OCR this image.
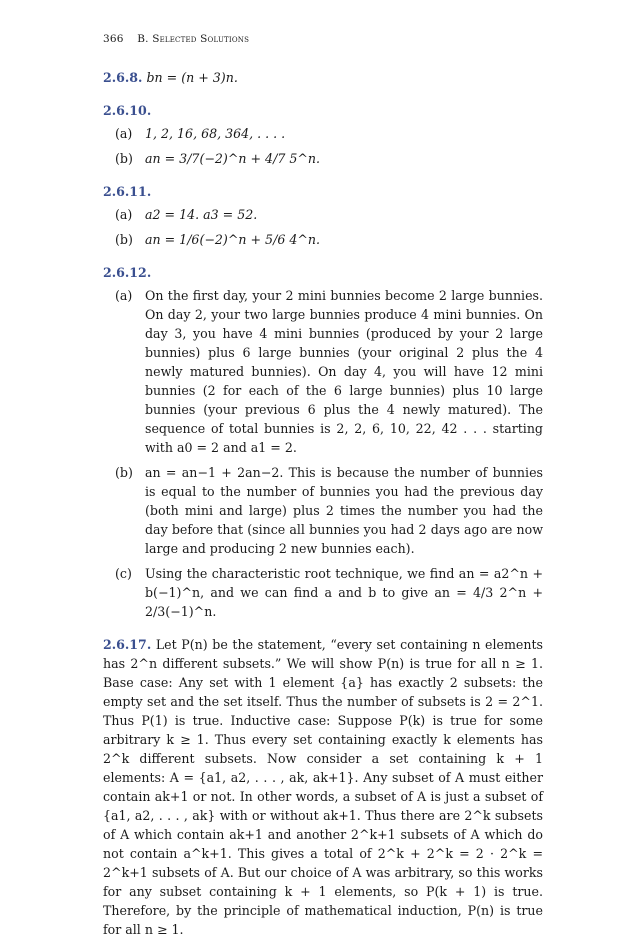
366 B. Selected Solutions
2.6.8. bn = (n + 3)n.
2.6.10.
(a) 1, 2, 16, 68, 364, . . . .

(b) an = 3/7(−2)^n + 4/7 5^n.

2.6.11.
(a) a2 = 14. a3 = 52.

(b) an = 1/6(−2)^n + 5/6 4^n.

2.6.12.
(a) On the first day, your 2 mini bunnies become 2 large bunnies. On day 2, your two large bunnies produce 4 mini bunnies. On day 3, you have 4 mini bunnies (produced by your 2 large bunnies) plus 6 large bunnies (your original 2 plus the 4 newly matured bunnies). On day 4, you will have 12 mini bunnies (2 for each of the 6 large bunnies) plus 10 large bunnies (your previous 6 plus the 4 newly matured). The sequence of total bunnies is 2, 2, 6, 10, 22, 42 . . . starting with a0 = 2 and a1 = 2.

(b) an = an−1 + 2an−2. This is because the number of bunnies is equal to the number of bunnies you had the previous day (both mini and large) plus 2 times the number you had the day before that (since all bunnies you had 2 days ago are now large and producing 2 new bunnies each).

(c) Using the characteristic root technique, we find an = a2^n + b(−1)^n, and we can find a and b to give an = 4/3 2^n + 2/3(−1)^n.

2.6.17. Let P(n) be the statement, “every set containing n elements has 2^n different subsets.” We will show P(n) is true for all n ≥ 1. Base case: Any set with 1 element {a} has exactly 2 subsets: the empty set and the set itself. Thus the number of subsets is 2 = 2^1. Thus P(1) is true. Inductive case: Suppose P(k) is true for some arbitrary k ≥ 1. Thus every set containing exactly k elements has 2^k different subsets. Now consider a set containing k + 1 elements: A = {a1, a2, . . . , ak, ak+1}. Any subset of A must either contain ak+1 or not. In other words, a subset of A is just a subset of {a1, a2, . . . , ak} with or without ak+1. Thus there are 2^k subsets of A which contain ak+1 and another 2^k+1 subsets of A which do not contain a^k+1. This gives a total of 2^k + 2^k = 2 · 2^k = 2^k+1 subsets of A. But our choice of A was arbitrary, so this works for any subset containing k + 1 elements, so P(k + 1) is true. Therefore, by the principle of mathematical induction, P(n) is true for all n ≥ 1.
